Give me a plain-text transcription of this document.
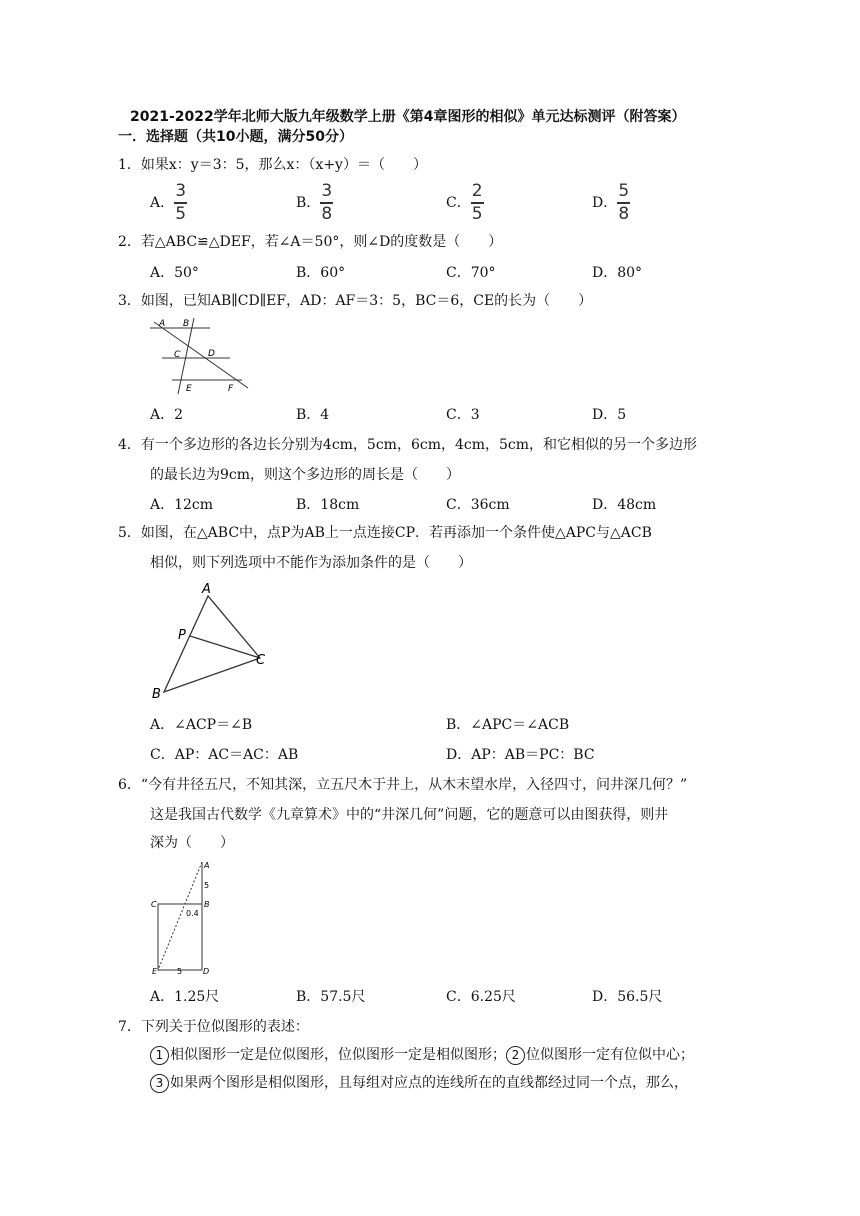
2021-2022学年北师大版九年级数学上册《第4章图形的相似》单元达标测评（附答案）
一．选择题（共10小题，满分50分）
1．如果x：y＝3：5，那么x：（x+y）＝（　　）
A． $\frac{3}{5}$	B． $\frac{3}{8}$	C． $\frac{2}{5}$	D． $\frac{5}{8}$
2．若△ABC≌△DEF，若∠A＝50°，则∠D的度数是（　　）
A．50°	B．60°	C．70°	D．80°
3．如图，已知AB∥CD∥EF，AD：AF＝3：5，BC＝6，CE的长为（　　）
A B
C	D
E	F
A．2	B．4	C．3	D．5
4．有一个多边形的各边长分别为4cm，5cm，6cm，4cm，5cm，和它相似的另一个多边形
的最长边为9cm，则这个多边形的周长是（　　）
A．12cm	B．18cm	C．36cm	D．48cm
5．如图，在△ABC中，点P为AB上一点连接CP．若再添加一个条件使△APC与△ACB
相似，则下列选项中不能作为添加条件的是（　　）
A
P
C
B
A．∠ACP＝∠B	B．∠APC＝∠ACB
C．AP：AC＝AC：AB	D．AP：AB＝PC：BC
6．“今有井径五尺，不知其深，立五尺木于井上，从木末望水岸，入径四寸，问井深几何？”
这是我国古代数学《九章算术》中的“井深几何”问题，它的题意可以由图获得，则井
深为（　　）
A
5
C	B
0.4
E 5	D
A．1.25尺	B．57.5尺	C．6.25尺	D．56.5尺
7．下列关于位似图形的表述：
1 相似图形一定是位似图形，位似图形一定是相似图形； 2 位似图形一定有位似中心；
3 如果两个图形是相似图形，且每组对应点的连线所在的直线都经过同一个点，那么，
